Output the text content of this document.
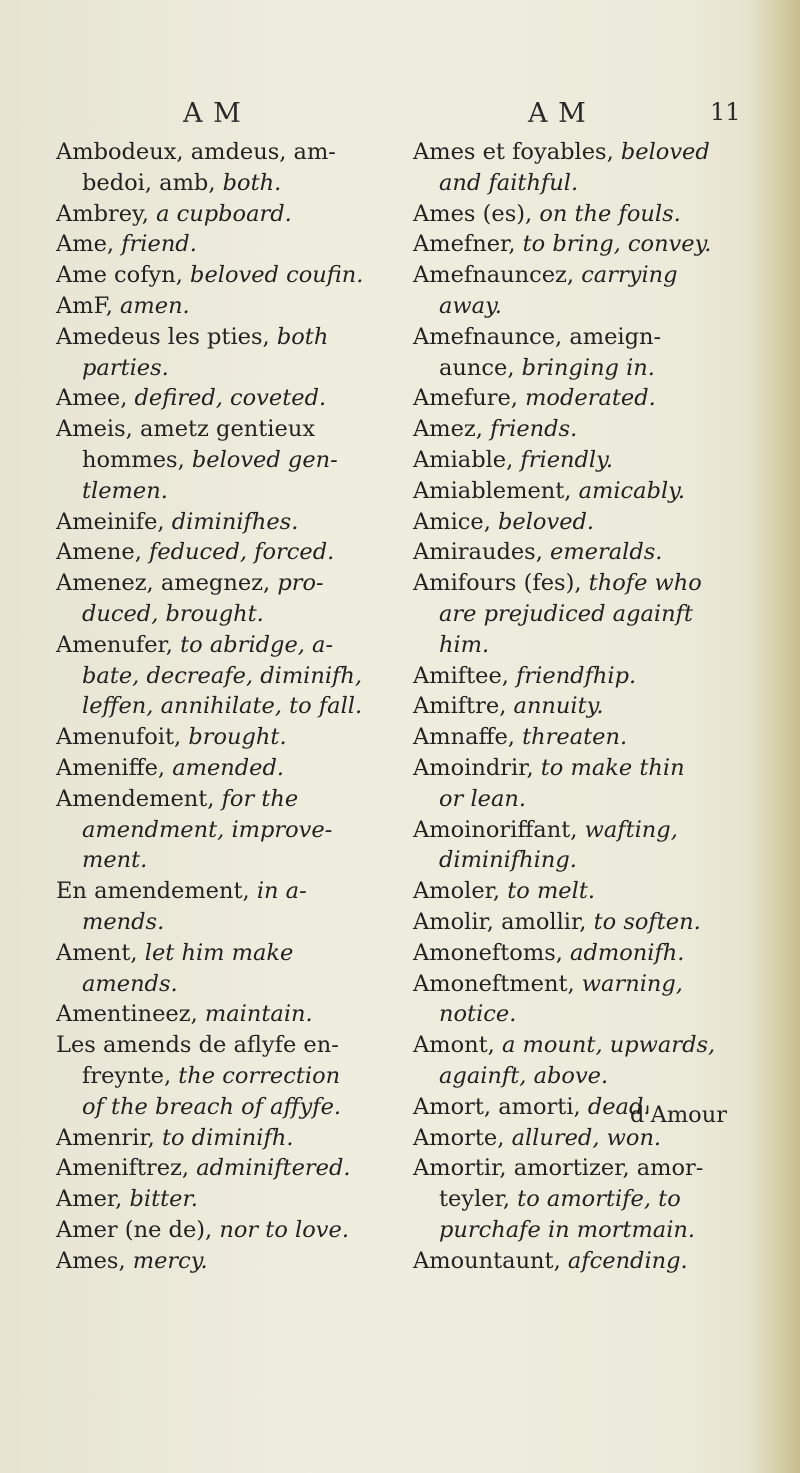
A M	A M	11
Ambodeux, amdeus, am-

bedoi, amb, both.
Ambrey, a cupboard.
Ame, friend.
Ame cofyn, beloved coufin.
AmF, amen.
Amedeus les pties, both

parties.
Amee, defired, coveted.
Ameis, ametz gentieux

hommes, beloved gen-
tlemen.
Ameinife, diminifhes.
Amene, feduced, forced.
Amenez, amegnez, pro-

duced, brought.
Amenufer, to abridge, a-

bate, decreafe, diminifh,
leffen, annihilate, to fall.
Amenufoit, brought.
Ameniffe, amended.
Amendement, for the

amendment, improve-
ment.
En amendement, in a-

mends.
Ament, let him make

amends.
Amentineez, maintain.
Les amends de aflyfe en-

freynte, the correction
of the breach of affyfe.
Amenrir, to diminifh.
Ameniftrez, adminiftered.
Amer, bitter.
Amer (ne de), nor to love.
Ames, mercy.
Ames et foyables, beloved

and faithful.
Ames (es), on the fouls.
Amefner, to bring, convey.
Amefnauncez, carrying

away.
Amefnaunce, ameign-

aunce, bringing in.
Amefure, moderated.
Amez, friends.
Amiable, friendly.
Amiablement, amicably.
Amice, beloved.
Amiraudes, emeralds.
Amifours (fes), thofe who

are prejudiced againft
him.
Amiftee, friendfhip.
Amiftre, annuity.
Amnaffe, threaten.
Amoindrir, to make thin

or lean.
Amoinoriffant, wafting,

diminifhing.
Amoler, to melt.
Amolir, amollir, to soften.
Amoneftoms, admonifh.
Amoneftment, warning,

notice.
Amont, a mount, upwards,

againft, above.
Amort, amorti, dead.
Amorte, allured, won.
Amortir, amortizer, amor-

teyler, to amortife, to
purchafe in mortmain.
Amountaunt, afcending.
d'Amour
